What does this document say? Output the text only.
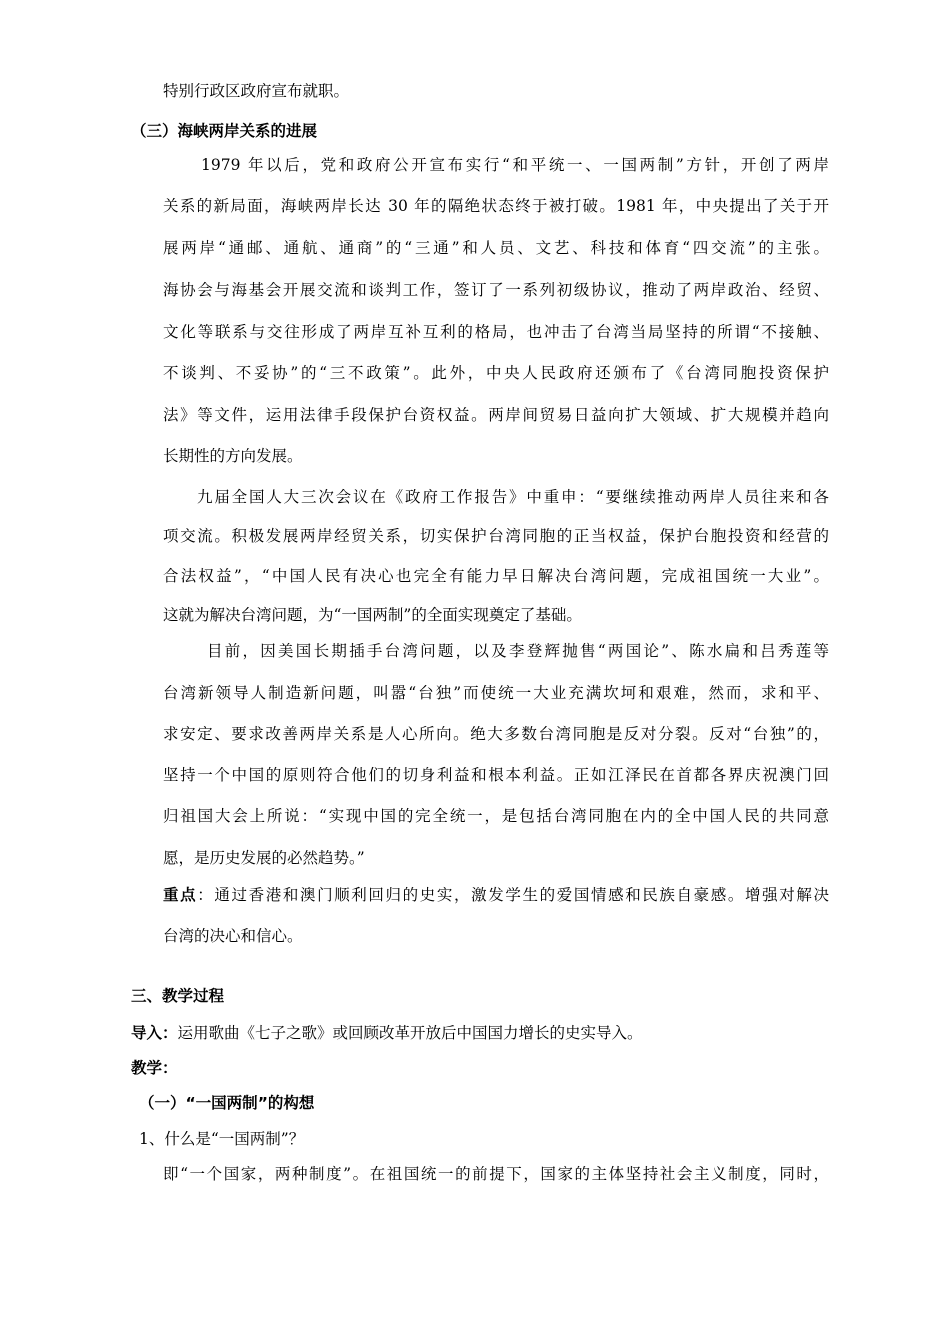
特别行政区政府宣布就职。
（三）海峡两岸关系的进展
1979 年以后，党和政府公开宣布实行“和平统一、一国两制”方针，开创了两岸
关系的新局面，海峡两岸长达 30 年的隔绝状态终于被打破。1981 年，中央提出了关于开
展两岸“通邮、通航、通商”的“三通”和人员、文艺、科技和体育“四交流”的主张。
海协会与海基会开展交流和谈判工作，签订了一系列初级协议，推动了两岸政治、经贸、
文化等联系与交往形成了两岸互补互利的格局，也冲击了台湾当局坚持的所谓“不接触、
不谈判、不妥协”的“三不政策”。此外，中央人民政府还颁布了《台湾同胞投资保护
法》等文件，运用法律手段保护台资权益。两岸间贸易日益向扩大领域、扩大规模并趋向
长期性的方向发展。
九届全国人大三次会议在《政府工作报告》中重申：“要继续推动两岸人员往来和各
项交流。积极发展两岸经贸关系，切实保护台湾同胞的正当权益，保护台胞投资和经营的
合法权益”，“中国人民有决心也完全有能力早日解决台湾问题，完成祖国统一大业”。
这就为解决台湾问题，为“一国两制”的全面实现奠定了基础。
目前，因美国长期插手台湾问题，以及李登辉抛售“两国论”、陈水扁和吕秀莲等
台湾新领导人制造新问题，叫嚣“台独”而使统一大业充满坎坷和艰难，然而，求和平、
求安定、要求改善两岸关系是人心所向。绝大多数台湾同胞是反对分裂。反对“台独”的，
坚持一个中国的原则符合他们的切身利益和根本利益。正如江泽民在首都各界庆祝澳门回
归祖国大会上所说：“实现中国的完全统一，是包括台湾同胞在内的全中国人民的共同意
愿，是历史发展的必然趋势。”
重点：通过香港和澳门顺利回归的史实，激发学生的爱国情感和民族自豪感。增强对解决
台湾的决心和信心。
三、教学过程
导入：运用歌曲《七子之歌》或回顾改革开放后中国国力增长的史实导入。
教学：
（一）“一国两制”的构想
1、什么是“一国两制”？
即“一个国家，两种制度”。在祖国统一的前提下，国家的主体坚持社会主义制度，同时，
